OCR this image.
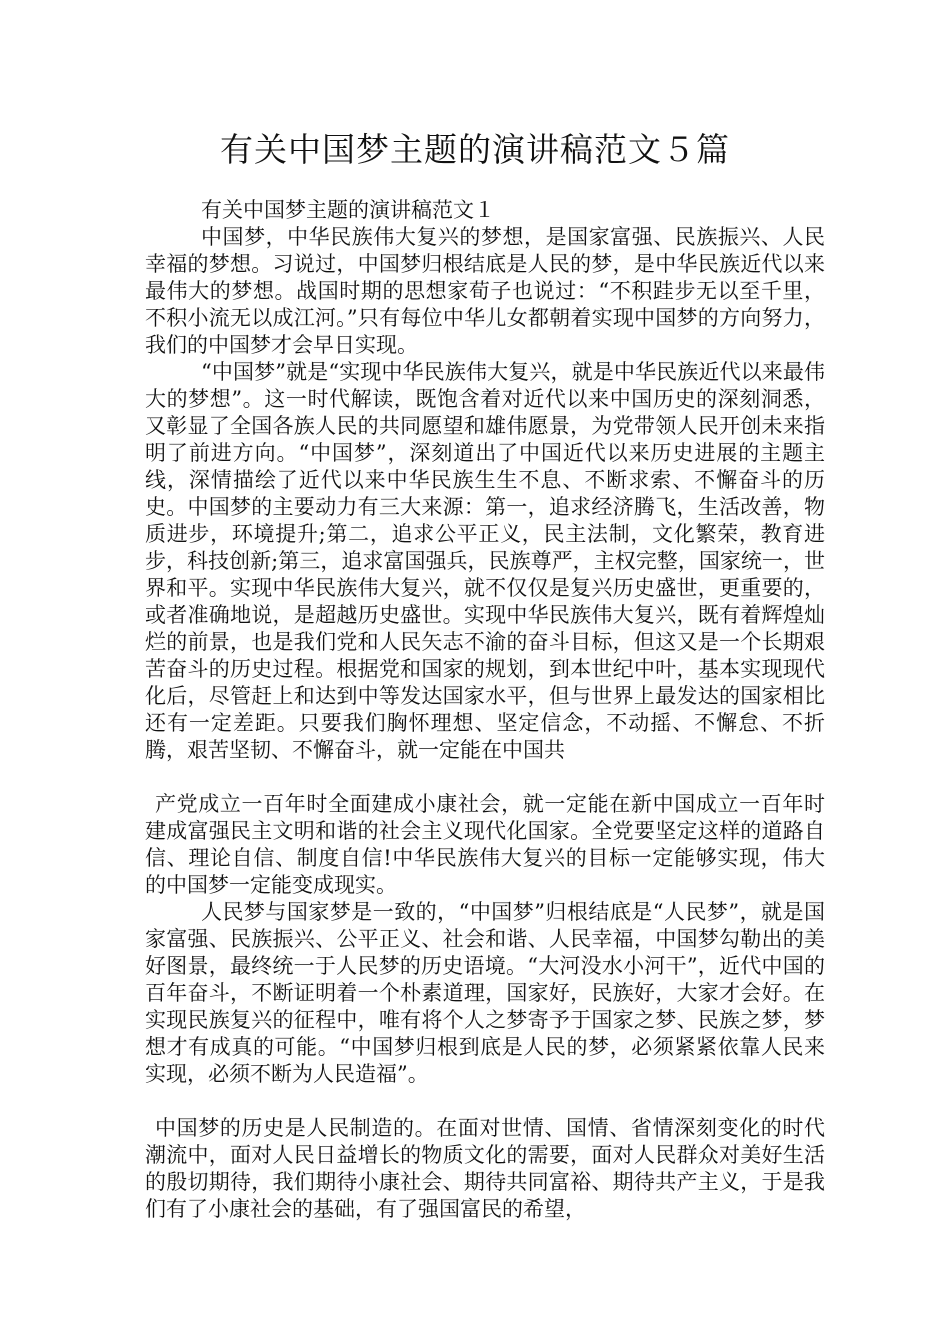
有关中国梦主题的演讲稿范文５篇

有关中国梦主题的演讲稿范文１

中国梦，中华民族伟大复兴的梦想，是国家富强、民族振兴、人民幸福的梦想。习说过，中国梦归根结底是人民的梦，是中华民族近代以来最伟大的梦想。战国时期的思想家荀子也说过：“不积跬步无以至千里，不积小流无以成江河。”只有每位中华儿女都朝着实现中国梦的方向努力，我们的中国梦才会早日实现。

“中国梦”就是“实现中华民族伟大复兴，就是中华民族近代以来最伟大的梦想”。这一时代解读，既饱含着对近代以来中国历史的深刻洞悉，又彰显了全国各族人民的共同愿望和雄伟愿景，为党带领人民开创未来指明了前进方向。“中国梦”，深刻道出了中国近代以来历史进展的主题主线，深情描绘了近代以来中华民族生生不息、不断求索、不懈奋斗的历史。中国梦的主要动力有三大来源：第一，追求经济腾飞，生活改善，物质进步，环境提升;第二，追求公平正义，民主法制，文化繁荣，教育进步，科技创新;第三，追求富国强兵，民族尊严，主权完整，国家统一，世界和平。实现中华民族伟大复兴，就不仅仅是复兴历史盛世，更重要的，或者准确地说，是超越历史盛世。实现中华民族伟大复兴，既有着辉煌灿烂的前景，也是我们党和人民矢志不渝的奋斗目标，但这又是一个长期艰苦奋斗的历史过程。根据党和国家的规划，到本世纪中叶，基本实现现代化后，尽管赶上和达到中等发达国家水平，但与世界上最发达的国家相比还有一定差距。只要我们胸怀理想、坚定信念，不动摇、不懈怠、不折腾，艰苦坚韧、不懈奋斗，就一定能在中国共

产党成立一百年时全面建成小康社会，就一定能在新中国成立一百年时建成富强民主文明和谐的社会主义现代化国家。全党要坚定这样的道路自信、理论自信、制度自信!中华民族伟大复兴的目标一定能够实现，伟大的中国梦一定能变成现实。

人民梦与国家梦是一致的，“中国梦”归根结底是“人民梦”，就是国家富强、民族振兴、公平正义、社会和谐、人民幸福，中国梦勾勒出的美好图景，最终统一于人民梦的历史语境。“大河没水小河干”，近代中国的百年奋斗，不断证明着一个朴素道理，国家好，民族好，大家才会好。在实现民族复兴的征程中，唯有将个人之梦寄予于国家之梦、民族之梦，梦想才有成真的可能。“中国梦归根到底是人民的梦，必须紧紧依靠人民来实现，必须不断为人民造福”。

中国梦的历史是人民制造的。在面对世情、国情、省情深刻变化的时代潮流中，面对人民日益增长的物质文化的需要，面对人民群众对美好生活的殷切期待，我们期待小康社会、期待共同富裕、期待共产主义，于是我们有了小康社会的基础，有了强国富民的希望，
